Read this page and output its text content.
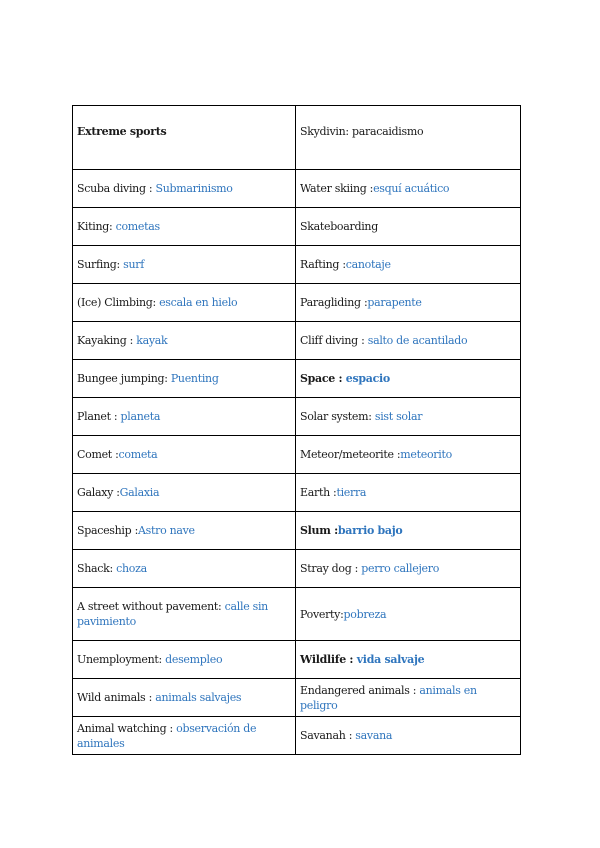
Extreme sports	Skydivin: paracaidismo
Scuba diving : Submarinismo	Water skiing :esquí acuático
Kiting: cometas	Skateboarding
Surfing: surf	Rafting :canotaje
(Ice) Climbing: escala en hielo	Paragliding :parapente
Kayaking : kayak	Cliff diving : salto de acantilado
Bungee jumping: Puenting	Space : espacio
Planet : planeta	Solar system: sist solar
Comet :cometa	Meteor/meteorite :meteorito
Galaxy :Galaxia	Earth :tierra
Spaceship :Astro nave	Slum :barrio bajo
Shack: choza	Stray dog : perro callejero
A street without pavement: calle sin pavimiento	Poverty:pobreza
Unemployment: desempleo	Wildlife : vida salvaje
Wild animals : animals salvajes	Endangered animals : animals en peligro
Animal watching : observación de animales	Savanah : savana
